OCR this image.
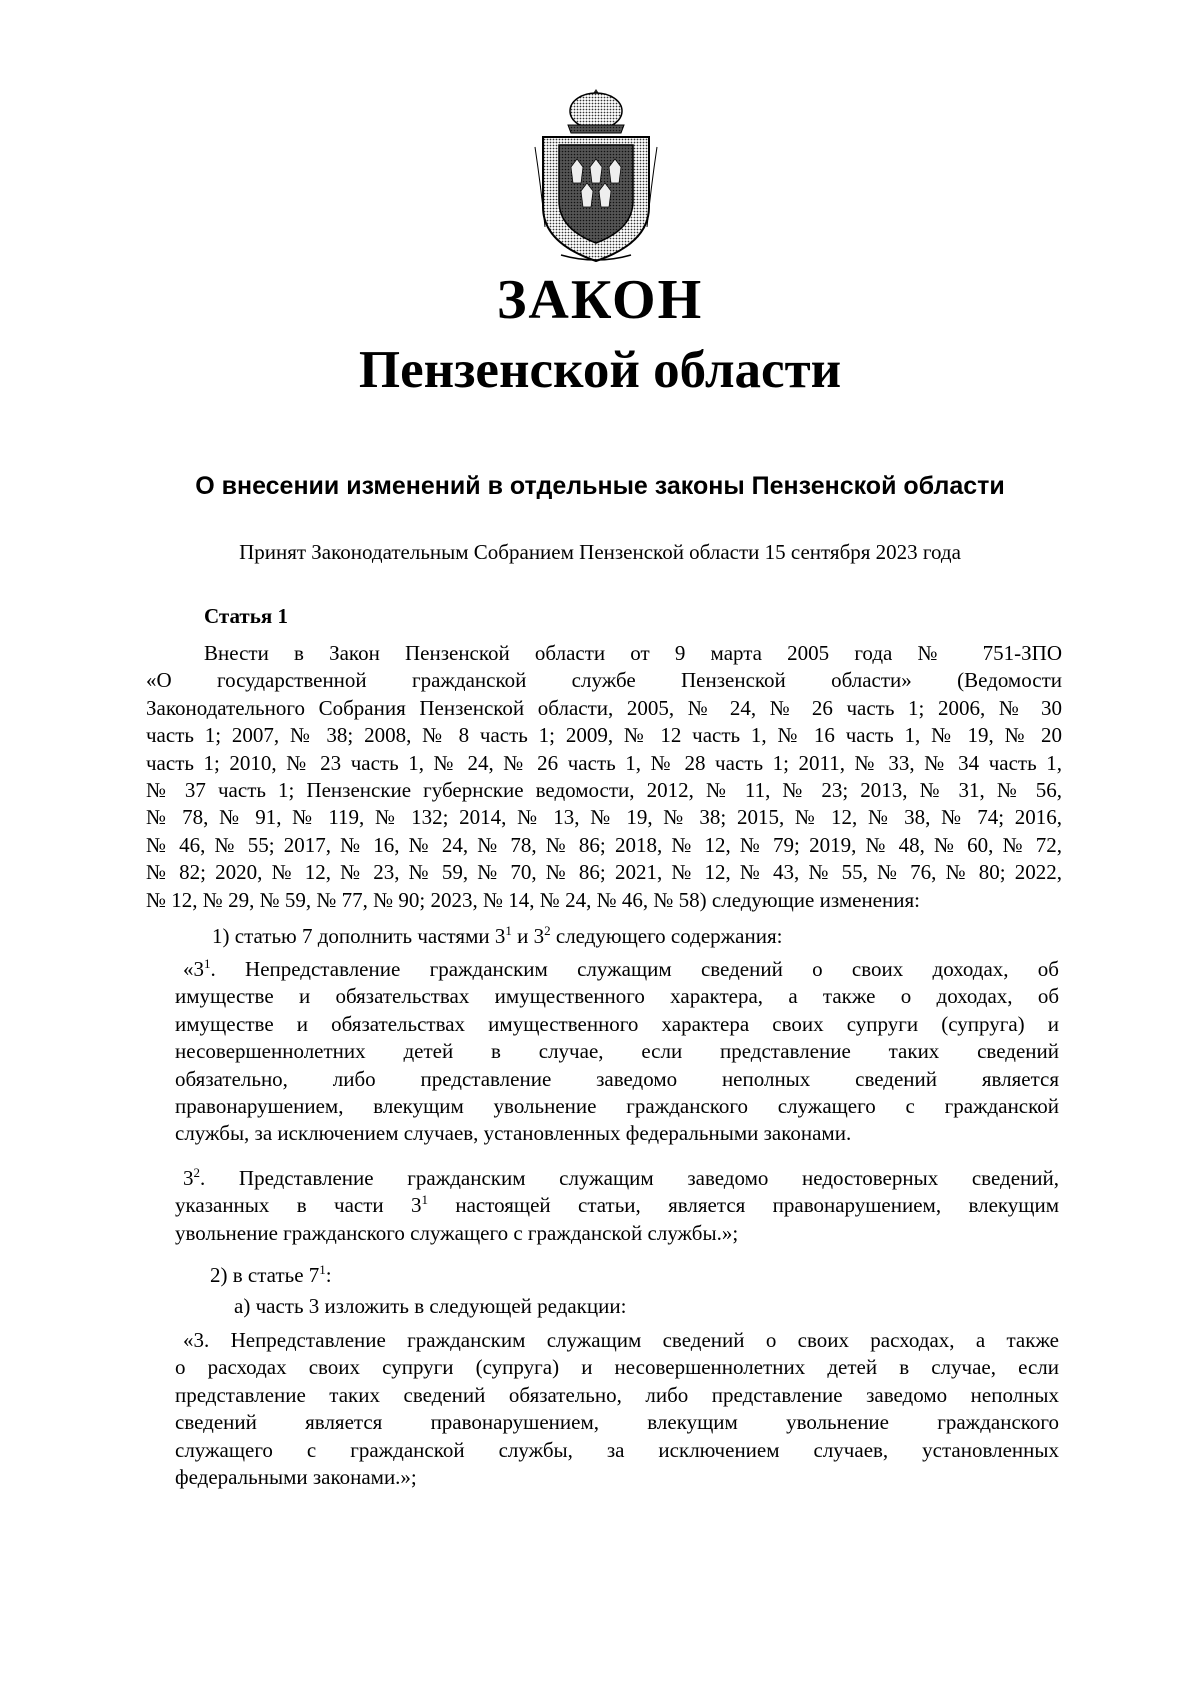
ЗАКОН
Пензенской области
О внесении изменений в отдельные законы Пензенской области

Принят Законодательным Собранием Пензенской области 15 сентября 2023 года

Статья 1

Внести в Закон Пензенской области от 9 марта 2005 года № 751-ЗПО
«О государственной гражданской службе Пензенской области» (Ведомости
Законодательного Собрания Пензенской области, 2005, № 24, № 26 часть 1; 2006, № 30
часть 1; 2007, № 38; 2008, № 8 часть 1; 2009, № 12 часть 1, № 16 часть 1, № 19, № 20
часть 1; 2010, № 23 часть 1, № 24, № 26 часть 1, № 28 часть 1; 2011, № 33, № 34 часть 1,
№ 37 часть 1; Пензенские губернские ведомости, 2012, № 11, № 23; 2013, № 31, № 56,
№ 78, № 91, № 119, № 132; 2014, № 13, № 19, № 38; 2015, № 12, № 38, № 74; 2016,
№ 46, № 55; 2017, № 16, № 24, № 78, № 86; 2018, № 12, № 79; 2019, № 48, № 60, № 72,
№ 82; 2020, № 12, № 23, № 59, № 70, № 86; 2021, № 12, № 43, № 55, № 76, № 80; 2022,
№ 12, № 29, № 59, № 77, № 90; 2023, № 14, № 24, № 46, № 58) следующие изменения:
1) статью 7 дополнить частями $3^1$ и $3^2$ следующего содержания:
«$3^1$. Непредставление гражданским служащим сведений о своих доходах, об
имуществе и обязательствах имущественного характера, а также о доходах, об
имуществе и обязательствах имущественного характера своих супруги (супруга) и
несовершеннолетних детей в случае, если представление таких сведений
обязательно, либо представление заведомо неполных сведений является
правонарушением, влекущим увольнение гражданского служащего с гражданской
службы, за исключением случаев, установленных федеральными законами.
$3^2$. Представление гражданским служащим заведомо недостоверных сведений,
указанных в части $3^1$ настоящей статьи, является правонарушением, влекущим
увольнение гражданского служащего с гражданской службы.»;
2) в статье $7^1$:
а) часть 3 изложить в следующей редакции:
«3. Непредставление гражданским служащим сведений о своих расходах, а также
о расходах своих супруги (супруга) и несовершеннолетних детей в случае, если
представление таких сведений обязательно, либо представление заведомо неполных
сведений является правонарушением, влекущим увольнение гражданского
служащего с гражданской службы, за исключением случаев, установленных
федеральными законами.»;
